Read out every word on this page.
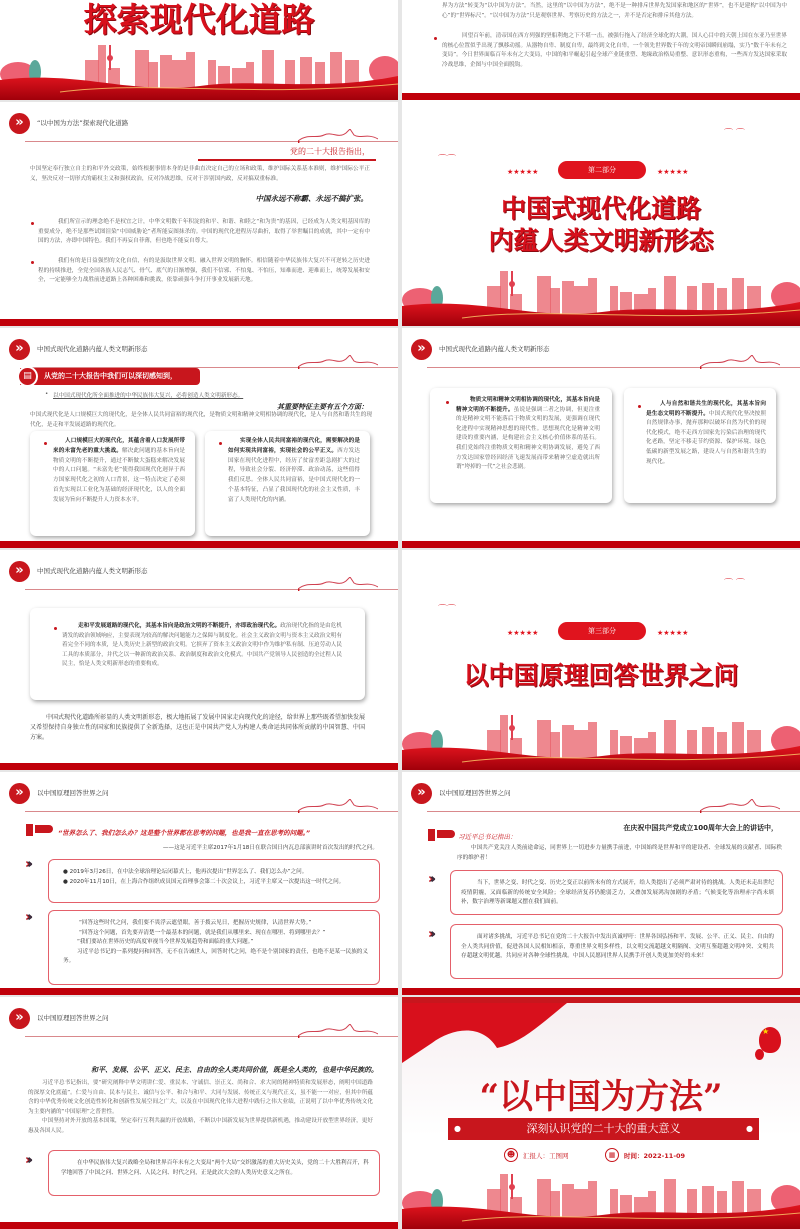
探索现代化道路	界为方法”转变为“以中国为方法”。当然，这里的“以中国为方法”，绝不是一种排斥世界先发国家和地区的“世界”，也不是建构“以中国为中心”的“世界标尺”。“以中国为方法”只是观察世界、考察历史的方法之一，并不是否定和排斥其他方法。
回望百年前，清帝国在西方列强的坚船利炮之下不堪一击，被强行拖入了经济全球化的大潮，国人心目中的天朝上国在东亚乃至世界的核心位置似乎出现了飘移动摇。从器物自卑、制度自卑，最终到文化自卑，一个领先世界数千年的文明帝国瞬间崩塌，实乃“数千年未有之变局”。今日世界面临百年未有之大变局，中国的和平崛起引起全球产业链重塑、地缘政治格局重整、意识形态重构，一些西方发达国家采取冷战思维，企图与中国全面脱钩。
»	“以中国为方法”探索现代化道路
党的二十大报告指出，
中国坚定奉行独立自主的和平外交政策，始终根据事情本身的是非曲直决定自己的立场和政策，维护国际关系基本准则，维护国际公平正义，坚决反对一切形式的霸权主义和强权政治，反对冷战思维，反对干涉别国内政，反对搞双重标准。
中国永远不称霸、永远不搞扩张。
我们所宣示的理念绝不是权宜之计，中华文明数千年积淀的和平、和谐、和睦之“和为贵”的基因，已经成为人类文明基因库的重要成分，绝不是那些试图渲染“中国威胁论”者所能妄图抹杀的。中国的现代化进程历尽曲折，取得了举世瞩目的成就，其中一定有中国的方法，亦即中国特色。我们不再妄自菲薄，但也绝不能妄自尊大。
我们有的是日益强烈的文化自信，有的是汲取世界文明、融入世界文明的胸怀。相信随着中华民族伟大复兴不可逆转之历史进程的持续推进，全党全国各族人民志气、骨气、底气的日渐增强，我们不信邪、不怕鬼、不怕压，知难而进、迎难而上，统筹发展和安全，一定能够全力战胜前进道路上各种困难和挑战，依靠顽强斗争打开事业发展新天地。
⌒ ⌒
⌒⌒
★★★★★	第二部分	★★★★★
中国式现代化道路
内蕴人类文明新形态
»	中国式现代化道路内蕴人类文明新形态
▤	从党的二十大报告中我们可以深切感知到，
• 以中国式现代化所全面推进的中华民族伟大复兴，必将创造人类文明新形态。
其重要特征主要有五个方面：
中国式现代化是人口规模巨大的现代化，是全体人民共同富裕的现代化，是物质文明和精神文明相协调的现代化，是人与自然和谐共生的现代化，是走和平发展道路的现代化。
人口规模巨大的现代化，其蕴含着人口发展所带来的未富先老的重大挑战。解决此问题的基本旨向是物质文明的不断提升，通过不断做大蛋糕来解决发展中的人口问题。“未富先老”使得我国现代化迥异于西方国家现代化之初的人口背景，这一特点决定了必须首先实现以工业化为基础的经济现代化，以人的全面发展为旨向不断提升人力资本水平。
实现全体人民共同富裕的现代化，需要解决的是如何实现共同富裕，实现社会的公平正义。西方发达国家在现代化进程中，经历了贫富差距急剧扩大的过程，导致社会分裂、经济停滞、政治动荡，这些值得我们反思。全体人民共同富裕，是中国式现代化的一个基本特征，凸显了我国现代化的社会主义性质，丰富了人类现代化的内涵。
»	中国式现代化道路内蕴人类文明新形态
物质文明和精神文明相协调的现代化，其基本旨向是精神文明的不断提升。虽说是强调二者之协调，但更注重的是精神文明不能落后于物质文明的发展，更强调在现代化进程中实现精神思想的现代性。思想现代化是精神文明建设的重要内涵，是构建社会主义核心价值体系的基石。我们党始终注重物质文明和精神文明协调发展，避免了西方发达国家曾经因经济飞速发展而带来精神空虚造就出所谓“垮掉的一代”之社会悲剧。
人与自然和谐共生的现代化，其基本旨向是生态文明的不断提升。中国式现代化坚决按照自然规律办事，抛弃那种以破坏自然为代价的现代化模式，绝不走西方国家先污染后治理的现代化老路，坚定不移走节约资源、保护环境、绿色低碳的新型发展之路，建设人与自然和谐共生的现代化。
»	中国式现代化道路内蕴人类文明新形态
走和平发展道路的现代化，其基本旨向是政治文明的不断提升，亦即政治现代化。政治现代化指的是由危机诱发的政治领域响应，主要表现为较高的解决问题能力之保障与制度化。社会主义政治文明与资本主义政治文明有着完全不同的本质，是人类历史上新型的政治文明。它摈弃了资本主义政治文明中作为维护私有制、压迫劳动人民工具的本质部分，并代之以一种新的政治关系、政治制度和政治文化模式。中国共产党领导人民创造的全过程人民民主，恰是人类文明新形态的重要构成。
中国式现代化道路所彰显的人类文明新形态，极大地拓展了发展中国家走向现代化的途径，给世界上那些既希望加快发展又希望保持自身独立性的国家和民族提供了全新选择，这也正是中国共产党人为构建人类命运共同体所贡献的中国智慧、中国方案。
⌒ ⌒
⌒⌒
★★★★★	第三部分	★★★★★
以中国原理回答世界之问
»	以中国原理回答世界之问
“世界怎么了、我们怎么办？这是整个世界都在思考的问题，也是我一直在思考的问题。”
——这是习近平主席2017年1月18日在联合国日内瓦总部演讲时首次发出的时代之问。
›››	● 2019年3月26日，在中法全球治理论坛闭幕式上，他再次提出“世界怎么了、我们怎么办”之问。
● 2020年11月10日，在上海合作组织成员国元首理事会第二十次会议上，习近平主席又一次提出这一时代之问。
›››	“回答这些时代之问，我们要不畏浮云遮望眼，善于拨云见日，把握历史规律，认清世界大势。”
“回答这个问题，首先要弄清楚一个最基本的问题，就是我们从哪里来、现在在哪里、将到哪里去？”
“我们要站在世界历史的高度审视当今世界发展趋势和面临的重大问题。”
习近平总书记的一系列提问和回答，无不在告诫世人，回答时代之问，绝不是个别国家的责任，也绝不是某一民族的义务。
»	以中国原理回答世界之问
在庆祝中国共产党成立100周年大会上的讲话中，
习近平总书记指出：
中国共产党关注人类前途命运，同世界上一切进步力量携手前进，中国始终是世界和平的建设者、全球发展的贡献者、国际秩序的维护者！
›››	当下，世界之变、时代之变、历史之变正以前所未有的方式展开，给人类提出了必须严肃对待的挑战。人类还未走出世纪疫情阴霾，又面临新的传统安全风险；全球经济复苏仍脆弱乏力，又叠加发展鸿沟加剧的矛盾；气候变化等治理赤字尚未填补，数字治理等新课题又摆在我们面前。
›››	面对诸多挑战，习近平总书记在党的二十大报告中发出真诚呼吁：世界各国弘扬和平、发展、公平、正义、民主、自由的全人类共同价值，促进各国人民相知相亲，尊重世界文明多样性，以文明交流超越文明隔阂、文明互鉴超越文明冲突、文明共存超越文明优越，共同应对各种全球性挑战。中国人民愿同世界人民携手开创人类更加美好的未来！
»	以中国原理回答世界之问
和平、发展、公平、正义、民主、自由的全人类共同价值，既是全人类的，也是中华民族的。
习近平总书记指出，要“研究阐释中华文明讲仁爱、重民本、守诚信、崇正义、尚和合、求大同的精神特质和发展形态，阐明中国道路的深厚文化底蕴”。仁爱与自由、民本与民主、诚信与公平、和合与和平、大同与发展、传统正义与现代正义，虽不能一一对应，但其中所蕴含的中华优秀传统文化创造性转化和创新性发展空间之广大，以及在中国现代化伟大进程中践行之伟大业绩，正说明了以中华优秀传统文化为主要内涵的“中国原理”之普世性。
中国坚持对外开放的基本国策，坚定奉行互利共赢的开放战略，不断以中国新发展为世界提供新机遇，推动建设开放型世界经济，更好惠及各国人民。
›››	在中华民族伟大复兴战略全局和世界百年未有之大变局“两个大局”交织激荡的重大历史关头，党的二十大胜利召开，科学地回答了中国之问、世界之问、人民之问、时代之问，正是此次大会的人类历史意义之所在。
★
“以中国为方法”
●	深刻认识党的二十大的重大意义	●
☻	汇报人：工图网	▦	时间：2022-11-09
